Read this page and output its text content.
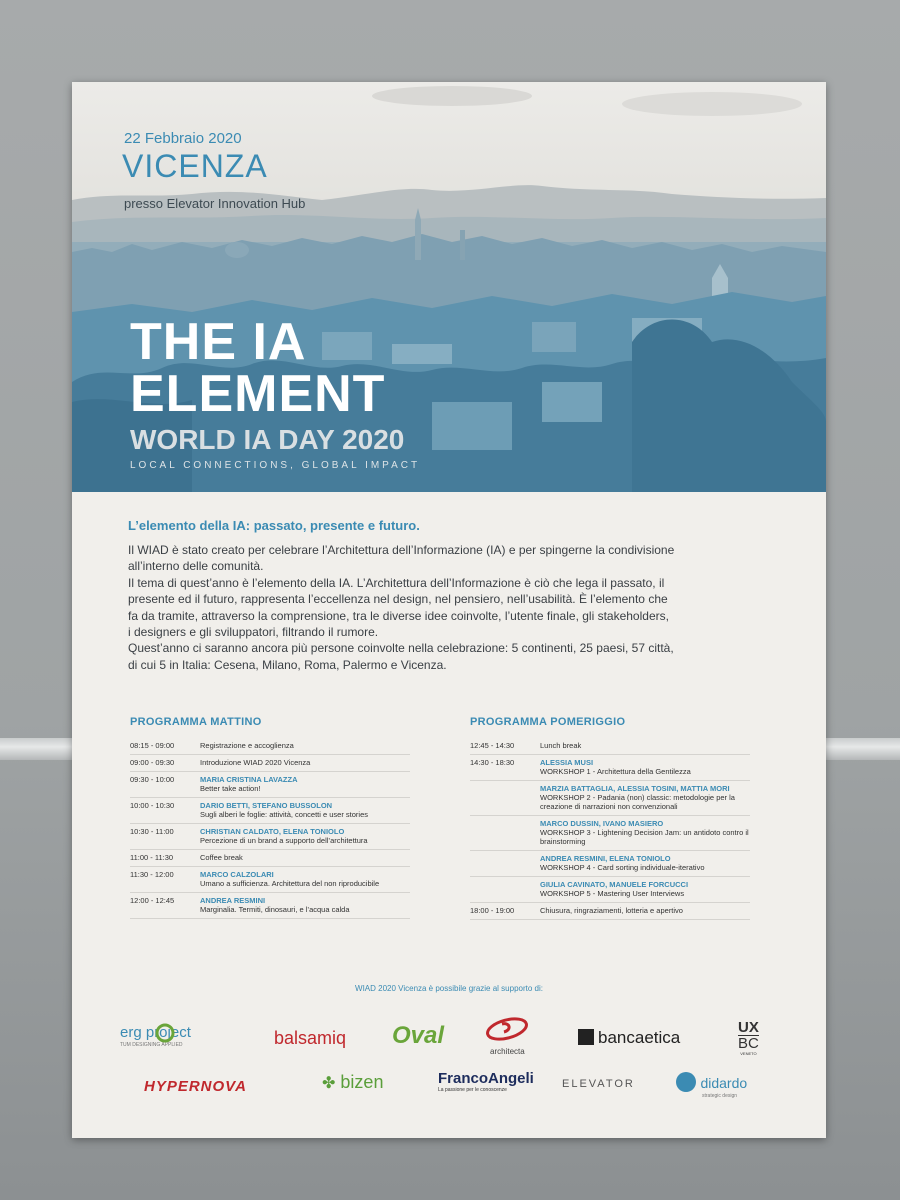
22 Febbraio 2020
VICENZA
presso Elevator Innovation Hub
THE IA
ELEMENT
WORLD IA DAY 2020
LOCAL CONNECTIONS, GLOBAL IMPACT
L’elemento della IA: passato, presente e futuro.
Il WIAD è stato creato per celebrare l’Architettura dell’Informazione (IA) e per spingerne la condivisione
all’interno delle comunità.
Il tema di quest’anno è l’elemento della IA. L’Architettura dell’Informazione è ciò che lega il passato, il
presente ed il futuro, rappresenta l’eccellenza nel design, nel pensiero, nell’usabilità. È l’elemento che
fa da tramite, attraverso la comprensione, tra le diverse idee coinvolte, l’utente finale, gli stakeholders,
i designers e gli sviluppatori, filtrando il rumore.
Quest’anno ci saranno ancora più persone coinvolte nella celebrazione: 5 continenti, 25 paesi, 57 città,
di cui 5 in Italia: Cesena, Milano, Roma, Palermo e Vicenza.
PROGRAMMA MATTINO
08:15 - 09:00	Registrazione e accoglienza
09:00 - 09:30	Introduzione WIAD 2020 Vicenza
09:30 - 10:00	MARIA CRISTINA LAVAZZA
Better take action!
10:00 - 10:30	DARIO BETTI, STEFANO BUSSOLON
Sugli alberi le foglie: attività, concetti e user stories
10:30 - 11:00	CHRISTIAN CALDATO, ELENA TONIOLO
Percezione di un brand a supporto dell’architettura
11:00 - 11:30	Coffee break
11:30 - 12:00	MARCO CALZOLARI
Umano a sufficienza. Architettura del non riproducibile
12:00 - 12:45	ANDREA RESMINI
Marginalia. Termiti, dinosauri, e l’acqua calda
PROGRAMMA POMERIGGIO
12:45 - 14:30	Lunch break
14:30 - 18:30	ALESSIA MUSI
WORKSHOP 1 - Architettura della Gentilezza
MARZIA BATTAGLIA, ALESSIA TOSINI, MATTIA MORI
WORKSHOP 2 - Padania (non) classic: metodologie per la creazione di narrazioni non convenzionali
MARCO DUSSIN, IVANO MASIERO
WORKSHOP 3 - Lightening Decision Jam: un antidoto contro il brainstorming
ANDREA RESMINI, ELENA TONIOLO
WORKSHOP 4 - Card sorting individuale-iterativo
GIULIA CAVINATO, MANUELE FORCUCCI
WORKSHOP 5 - Mastering User Interviews
18:00 - 19:00	Chiusura, ringraziamenti, lotteria e apertivo
WIAD 2020 Vicenza è possibile grazie al supporto di:
erg project
TUM DESIGNING APPLIED	balsamiq Oval
architecta
bancaetica
UX
BC
VENETO
HYPERNOVA	✤ bizen	FrancoAngeli
La passione per le conoscenze	ELEVATOR	didardo
strategic design
